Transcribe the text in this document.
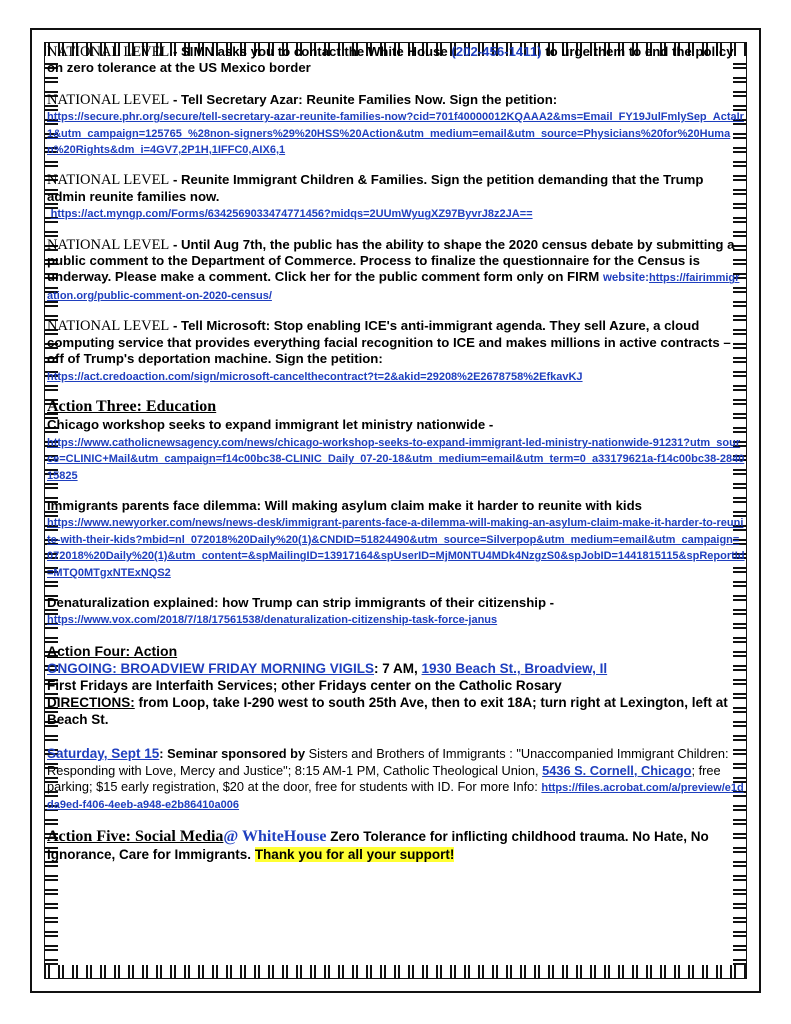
NATIONAL LEVEL - SIMN asks you to contact the White House (202-456-1411) to urge them to end the policy on zero tolerance at the US Mexico border
NATIONAL LEVEL - Tell Secretary Azar: Reunite Families Now. Sign the petition:
https://secure.phr.org/secure/tell-secretary-azar-reunite-families-now?cid=701f40000012KQAAA2&ms=Email_FY19JulFmlySep_ActaIr1&utm_campaign=125765_%28non-signers%29%20HSS%20Action&utm_medium=email&utm_source=Physicians%20for%20Human%20Rights&dm_i=4GV7,2P1H,1IFFC0,AIX6,1
NATIONAL LEVEL - Reunite Immigrant Children & Families. Sign the petition demanding that the Trump admin reunite families now.
https://act.myngp.com/Forms/6342569033474771456?midqs=2UUmWyugXZ97ByvrJ8z2JA==
NATIONAL LEVEL - Until Aug 7th, the public has the ability to shape the 2020 census debate by submitting a public comment to the Department of Commerce. Process to finalize the questionnaire for the Census is underway. Please make a comment. Click her for the public comment form only on FIRM website:https://fairimmigration.org/public-comment-on-2020-census/
NATIONAL LEVEL - Tell Microsoft: Stop enabling ICE's anti-immigrant agenda. They sell Azure, a cloud computing service that provides everything facial recognition to ICE and makes millions in active contracts – off of Trump's deportation machine. Sign the petition:
https://act.credoaction.com/sign/microsoft-cancelthecontract?t=2&akid=29208%2E2678758%2EfkavKJ
Action Three: Education
Chicago workshop seeks to expand immigrant let ministry nationwide -
https://www.catholicnewsagency.com/news/chicago-workshop-seeks-to-expand-immigrant-led-ministry-nationwide-91231?utm_source=CLINIC+Mail&utm_campaign=f14c00bc38-CLINIC_Daily_07-20-18&utm_medium=email&utm_term=0_a33179621a-f14c00bc38-284015825
Immigrants parents face dilemma: Will making asylum claim make it harder to reunite with kids
https://www.newyorker.com/news/news-desk/immigrant-parents-face-a-dilemma-will-making-an-asylum-claim-make-it-harder-to-reunite-with-their-kids?mbid=nl_072018%20Daily%20(1)&CNDID=51824490&utm_source=Silverpop&utm_medium=email&utm_campaign=072018%20Daily%20(1)&utm_content=&spMailingID=13917164&spUserID=MjM0NTU4MDk4NzgzS0&spJobID=1441815115&spReportId=MTQ0MTgxNTExNQS2
Denaturalization explained: how Trump can strip immigrants of their citizenship -
https://www.vox.com/2018/7/18/17561538/denaturalization-citizenship-task-force-janus
Action Four: Action
ONGOING: BROADVIEW FRIDAY MORNING VIGILS: 7 AM, 1930 Beach St., Broadview, Il
First Fridays are Interfaith Services; other Fridays center on the Catholic Rosary
DIRECTIONS: from Loop, take I-290 west to south 25th Ave, then to exit 18A; turn right at Lexington, left at Beach St.
Saturday, Sept 15: Seminar sponsored by Sisters and Brothers of Immigrants : "Unaccompanied Immigrant Children: Responding with Love, Mercy and Justice"; 8:15 AM-1 PM, Catholic Theological Union, 5436 S. Cornell, Chicago; free parking; $15 early registration, $20 at the door, free for students with ID. For more Info: https://files.acrobat.com/a/preview/e1dda9ed-f406-4eeb-a948-e2b86410a006
Action Five: Social Media@ WhiteHouse Zero Tolerance for inflicting childhood trauma. No Hate, No Ignorance, Care for Immigrants. Thank you for all your support!
